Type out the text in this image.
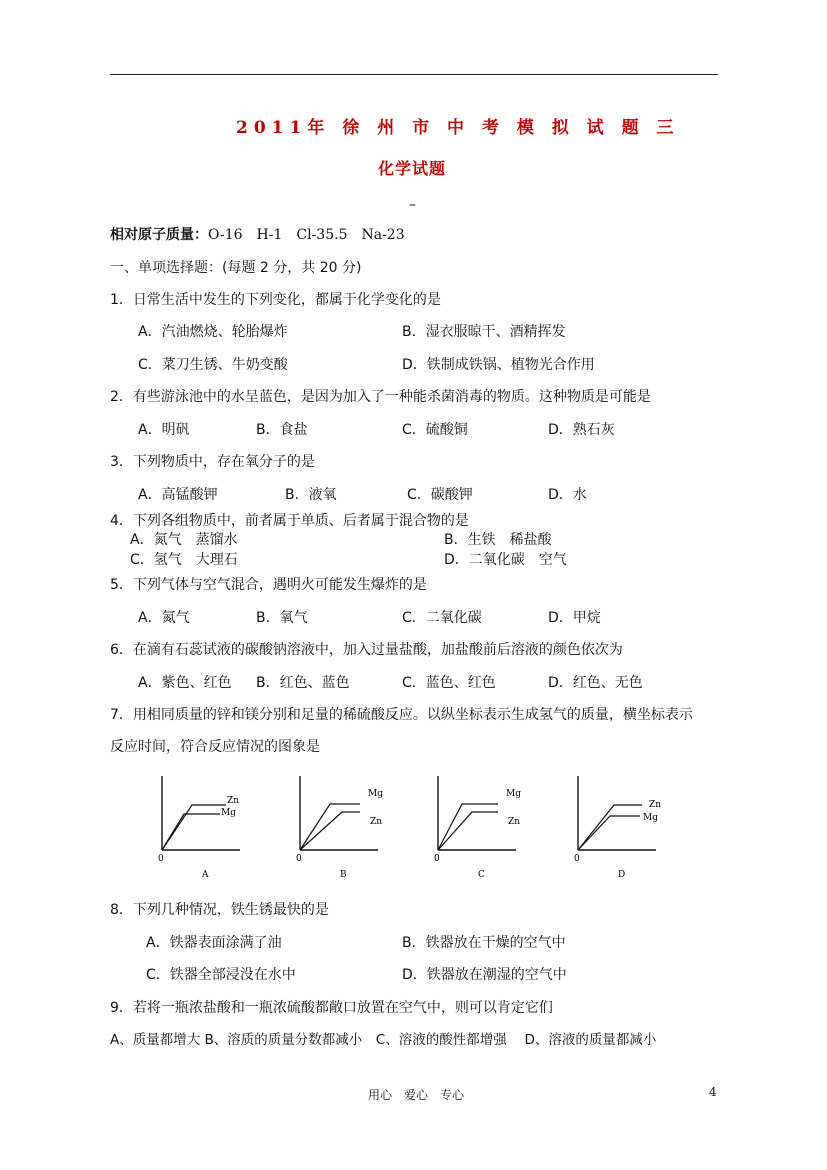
2011年 徐 州 市 中 考 模 拟 试 题 三
化学试题
–
相对原子质量：O-16　H-1　Cl-35.5　Na-23
一、单项选择题：(每题 2 分，共 20 分)
1．日常生活中发生的下列变化，都属于化学变化的是
A．汽油燃烧、轮胎爆炸	B．湿衣服晾干、酒精挥发
C．菜刀生锈、牛奶变酸	D．铁制成铁锅、植物光合作用
2．有些游泳池中的水呈蓝色，是因为加入了一种能杀菌消毒的物质。这种物质是可能是
A．明矾	B．食盐	C．硫酸铜	D．熟石灰
3．下列物质中，存在氧分子的是
A．高锰酸钾	B．液氧	C．碳酸钾	D．水
4．下列各组物质中，前者属于单质、后者属于混合物的是
A．氮气　蒸馏水	B．生铁　稀盐酸
C．氢气　大理石	D．二氧化碳　空气
5．下列气体与空气混合，遇明火可能发生爆炸的是
A．氮气	B．氧气	C．二氧化碳	D．甲烷
6．在滴有石蕊试液的碳酸钠溶液中，加入过量盐酸，加盐酸前后溶液的颜色依次为
A．紫色、红色 B．红色、蓝色	C．蓝色、红色	D．红色、无色
7．用相同质量的锌和镁分别和足量的稀硫酸反应。以纵坐标表示生成氢气的质量，横坐标表示
反应时间，符合反应情况的图象是
Zn
Mg
0
A
Mg
Zn
0
B
Mg
Zn
0
C
Zn
Mg
0
D
8．下列几种情况，铁生锈最快的是
A．铁器表面涂满了油	B．铁器放在干燥的空气中
C．铁器全部浸没在水中	D．铁器放在潮湿的空气中
9．若将一瓶浓盐酸和一瓶浓硫酸都敞口放置在空气中，则可以肯定它们
A、质量都增大 B、溶质的质量分数都减小　C、溶液的酸性都增强　 D、溶液的质量都减小
用心　爱心　专心	4
